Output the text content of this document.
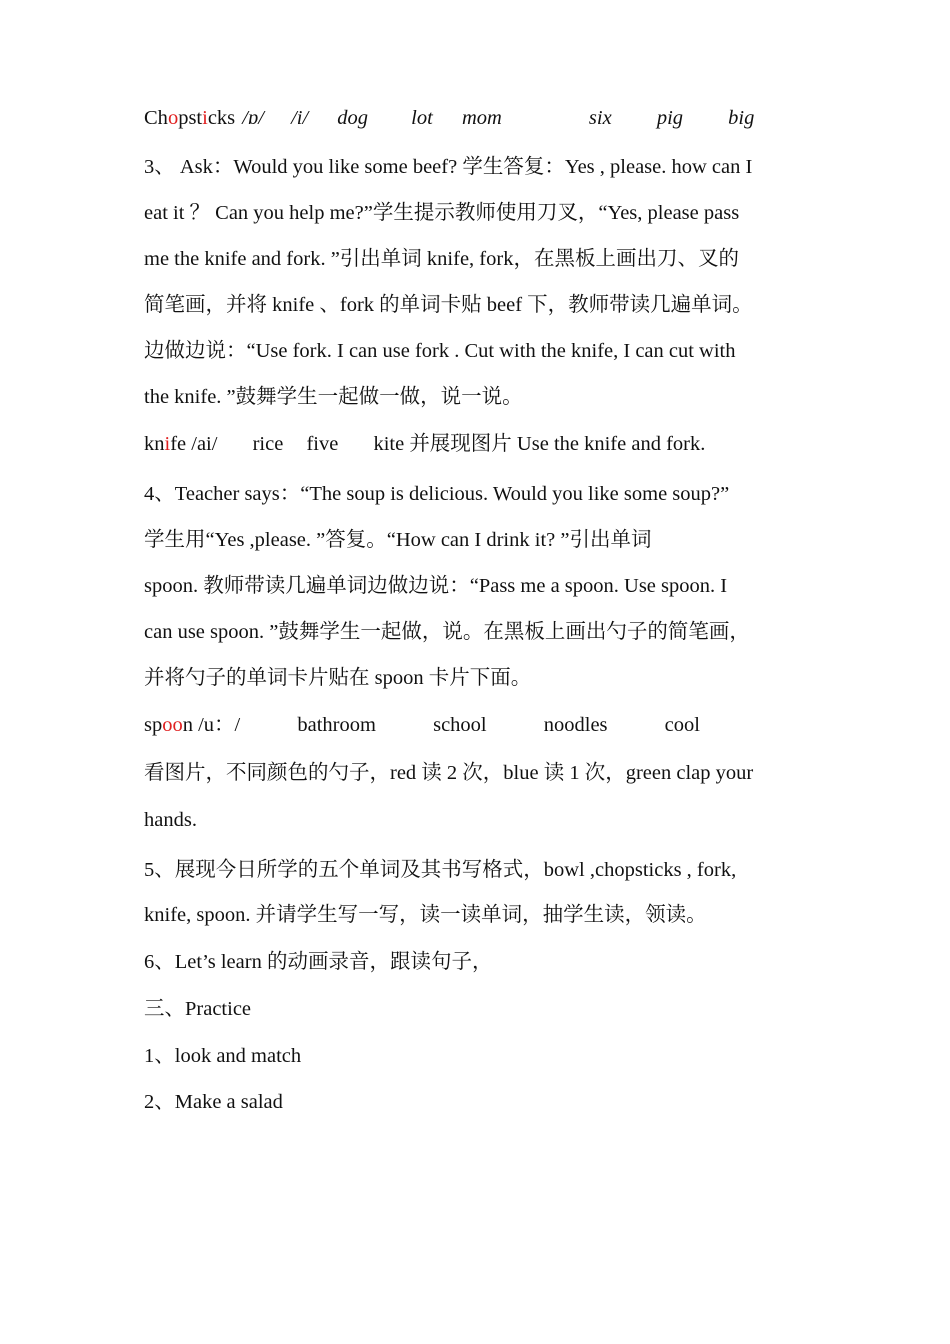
Chopsticks /ɒ/ /i/ dog lot mom	six pig big
3、 Ask：Would you like some beef? 学生答复：Yes , please. how can I
eat it ？ Can you help me?”学生提示教师使用刀叉，“Yes, please pass
me the knife and fork. ”引出单词 knife, fork，在黑板上画出刀、叉的
简笔画，并将 knife 、fork 的单词卡贴 beef 下，教师带读几遍单词。
边做边说：“Use fork. I can use fork . Cut with the knife, I can cut with
the knife. ”鼓舞学生一起做一做，说一说。
knife /ai/ rice five kite 并展现图片 Use the knife and fork.
4、Teacher says：“The soup is delicious. Would you like some soup?”
学生用“Yes ,please. ”答复。“How can I drink it? ”引出单词
spoon. 教师带读几遍单词边做边说：“Pass me a spoon. Use spoon. I
can use spoon. ”鼓舞学生一起做，说。在黑板上画出勺子的简笔画，
并将勺子的单词卡片贴在 spoon 卡片下面。
spoon /u：/	bathroom	school	noodles	cool
看图片，不同颜色的勺子，red 读 2 次，blue 读 1 次，green clap your
hands.
5、展现今日所学的五个单词及其书写格式，bowl ,chopsticks , fork,
knife, spoon. 并请学生写一写，读一读单词，抽学生读，领读。
6、Let’s learn 的动画录音，跟读句子，
三、Practice
1、look and match
2、Make a salad
